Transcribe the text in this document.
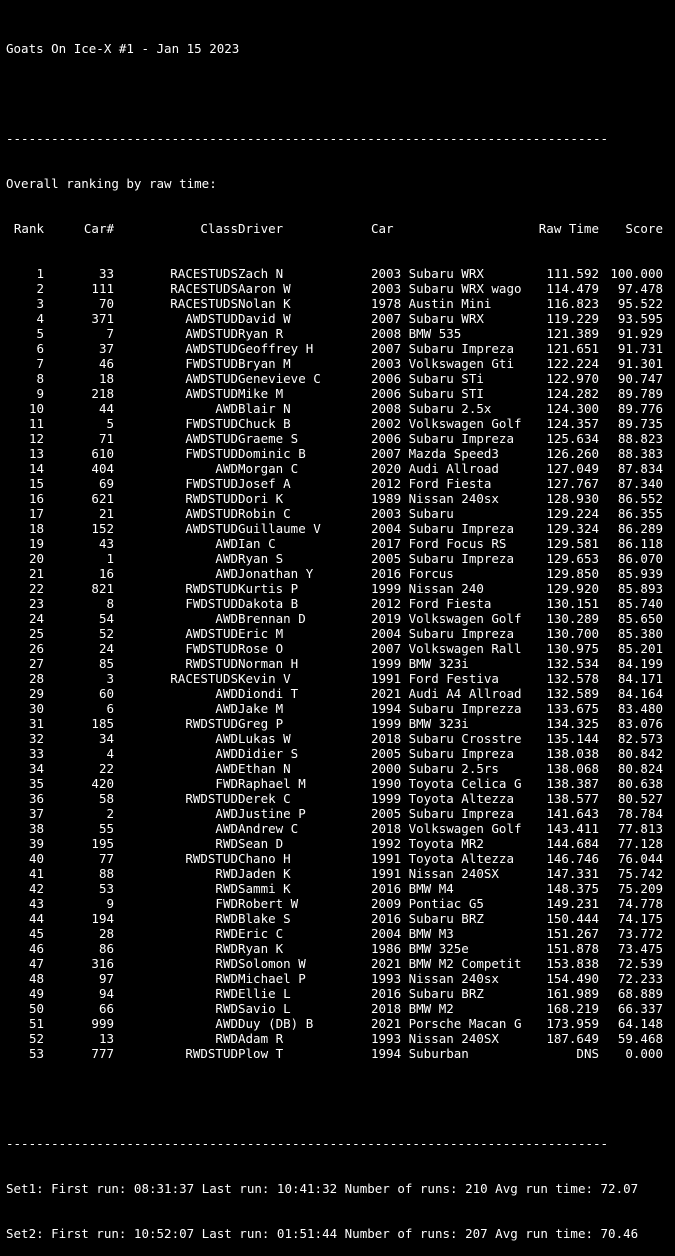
Goats On Ice-X #1 - Jan 15 2023

--------------------------------------------------------------------------------

Overall ranking by raw time:

Rank	Car#	ClassDriver	Car	Raw Time Score

1	33	RACESTUDSZach N	2003 Subaru WRX	111.592 100.000
2	111	RACESTUDSAaron W	2003 Subaru WRX wago 114.479 97.478
3	70	RACESTUDSNolan K	1978 Austin Mini	116.823 95.522
4	371	AWDSTUDDavid W	2007 Subaru WRX	119.229 93.595
5	7	AWDSTUDRyan R	2008 BMW 535	121.389 91.929
6	37	AWDSTUDGeoffrey H	2007 Subaru Impreza	121.651 91.731
7	46	FWDSTUDBryan M	2003 Volkswagen Gti	122.224 91.301
8	18	AWDSTUDGenevieve C	2006 Subaru STi	122.970 90.747
9	218	AWDSTUDMike M	2006 Subaru STI	124.282 89.789
10	44	AWDBlair N	2008 Subaru 2.5x	124.300 89.776
11	5	FWDSTUDChuck B	2002 Volkswagen Golf 124.357 89.735
12	71	AWDSTUDGraeme S	2006 Subaru Impreza	125.634 88.823
13	610	FWDSTUDDominic B	2007 Mazda Speed3	126.260 88.383
14	404	AWDMorgan C	2020 Audi Allroad	127.049 87.834
15	69	FWDSTUDJosef A	2012 Ford Fiesta	127.767 87.340
16	621	RWDSTUDDori K	1989 Nissan 240sx	128.930 86.552
17	21	AWDSTUDRobin C	2003 Subaru	129.224 86.355
18	152	AWDSTUDGuillaume V	2004 Subaru Impreza	129.324 86.289
19	43	AWDIan C	2017 Ford Focus RS	129.581 86.118
20	1	AWDRyan S	2005 Subaru Impreza	129.653 86.070
21	16	AWDJonathan Y	2016 Forcus	129.850 85.939
22	821	RWDSTUDKurtis P	1999 Nissan 240	129.920 85.893
23	8	FWDSTUDDakota B	2012 Ford Fiesta	130.151 85.740
24	54	AWDBrennan D	2019 Volkswagen Golf 130.289 85.650
25	52	AWDSTUDEric M	2004 Subaru Impreza	130.700 85.380
26	24	FWDSTUDRose O	2007 Volkswagen Rall 130.975 85.201
27	85	RWDSTUDNorman H	1999 BMW 323i	132.534 84.199
28	3	RACESTUDSKevin V	1991 Ford Festiva	132.578 84.171
29	60	AWDDiondi T	2021 Audi A4 Allroad 132.589 84.164
30	6	AWDJake M	1994 Subaru Imprezza 133.675 83.480
31	185	RWDSTUDGreg P	1999 BMW 323i	134.325 83.076
32	34	AWDLukas W	2018 Subaru Crosstre 135.144 82.573
33	4	AWDDidier S	2005 Subaru Impreza	138.038 80.842
34	22	AWDEthan N	2000 Subaru 2.5rs	138.068 80.824
35	420	FWDRaphael M	1990 Toyota Celica G 138.387 80.638
36	58	RWDSTUDDerek C	1999 Toyota Altezza	138.577 80.527
37	2	AWDJustine P	2005 Subaru Impreza	141.643 78.784
38	55	AWDAndrew C	2018 Volkswagen Golf 143.411 77.813
39	195	RWDSean D	1992 Toyota MR2	144.684 77.128
40	77	RWDSTUDChano H	1991 Toyota Altezza	146.746 76.044
41	88	RWDJaden K	1991 Nissan 240SX	147.331 75.742
42	53	RWDSammi K	2016 BMW M4	148.375 75.209
43	9	FWDRobert W	2009 Pontiac G5	149.231 74.778
44	194	RWDBlake S	2016 Subaru BRZ	150.444 74.175
45	28	RWDEric C	2004 BMW M3	151.267 73.772
46	86	RWDRyan K	1986 BMW 325e	151.878 73.475
47	316	RWDSolomon W	2021 BMW M2 Competit 153.838 72.539
48	97	RWDMichael P	1993 Nissan 240sx	154.490 72.233
49	94	RWDEllie L	2016 Subaru BRZ	161.989 68.889
50	66	RWDSavio L	2018 BMW M2	168.219 66.337
51	999	AWDDuy (DB) B	2021 Porsche Macan G 173.959 64.148
52	13	RWDAdam R	1993 Nissan 240SX	187.649 59.468
53	777	RWDSTUDPlow T	1994 Suburban	DNS 0.000

--------------------------------------------------------------------------------

Set1: First run: 08:31:37 Last run: 10:41:32 Number of runs: 210 Avg run time: 72.07

Set2: First run: 10:52:07 Last run: 01:51:44 Number of runs: 207 Avg run time: 70.46
